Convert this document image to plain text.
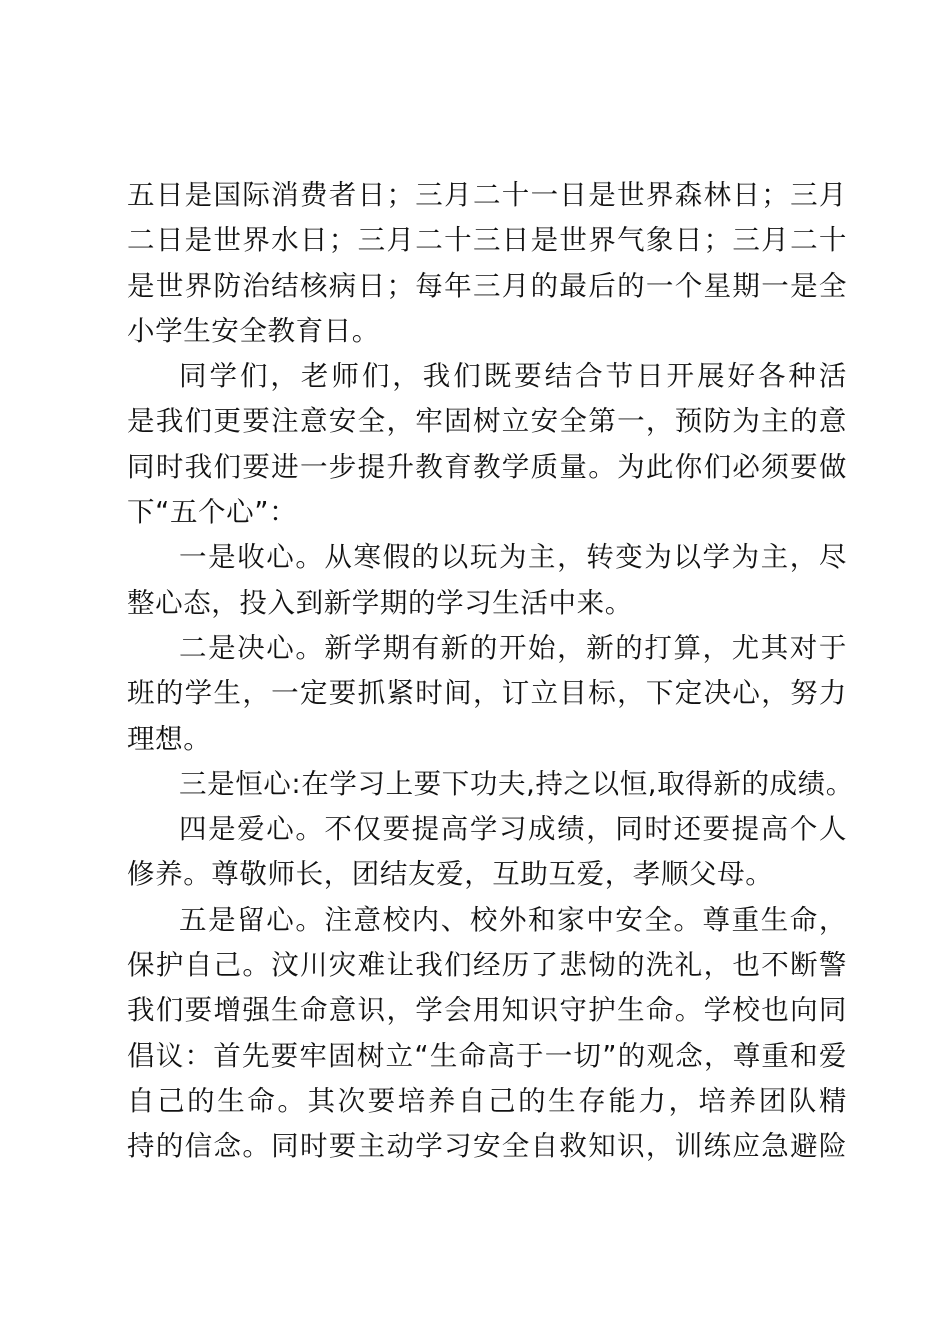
五日是国际消费者日；三月二十一日是世界森林日；三月
二日是世界水日；三月二十三日是世界气象日；三月二十
是世界防治结核病日；每年三月的最后的一个星期一是全
小学生安全教育日。
同学们，老师们，我们既要结合节日开展好各种活
是我们更要注意安全，牢固树立安全第一，预防为主的意
同时我们要进一步提升教育教学质量。为此你们必须要做
下“五个心”：
一是收心。从寒假的以玩为主，转变为以学为主，尽
整心态，投入到新学期的学习生活中来。
二是决心。新学期有新的开始，新的打算，尤其对于
班的学生，一定要抓紧时间，订立目标，下定决心，努力
理想。
三是恒心:在学习上要下功夫,持之以恒,取得新的成绩。
四是爱心。不仅要提高学习成绩，同时还要提高个人
修养。尊敬师长，团结友爱，互助互爱，孝顺父母。
五是留心。注意校内、校外和家中安全。尊重生命，
保护自己。汶川灾难让我们经历了悲恸的洗礼，也不断警
我们要增强生命意识，学会用知识守护生命。学校也向同
倡议：首先要牢固树立“生命高于一切”的观念，尊重和爱
自己的生命。其次要培养自己的生存能力，培养团队精
持的信念。同时要主动学习安全自救知识，训练应急避险
